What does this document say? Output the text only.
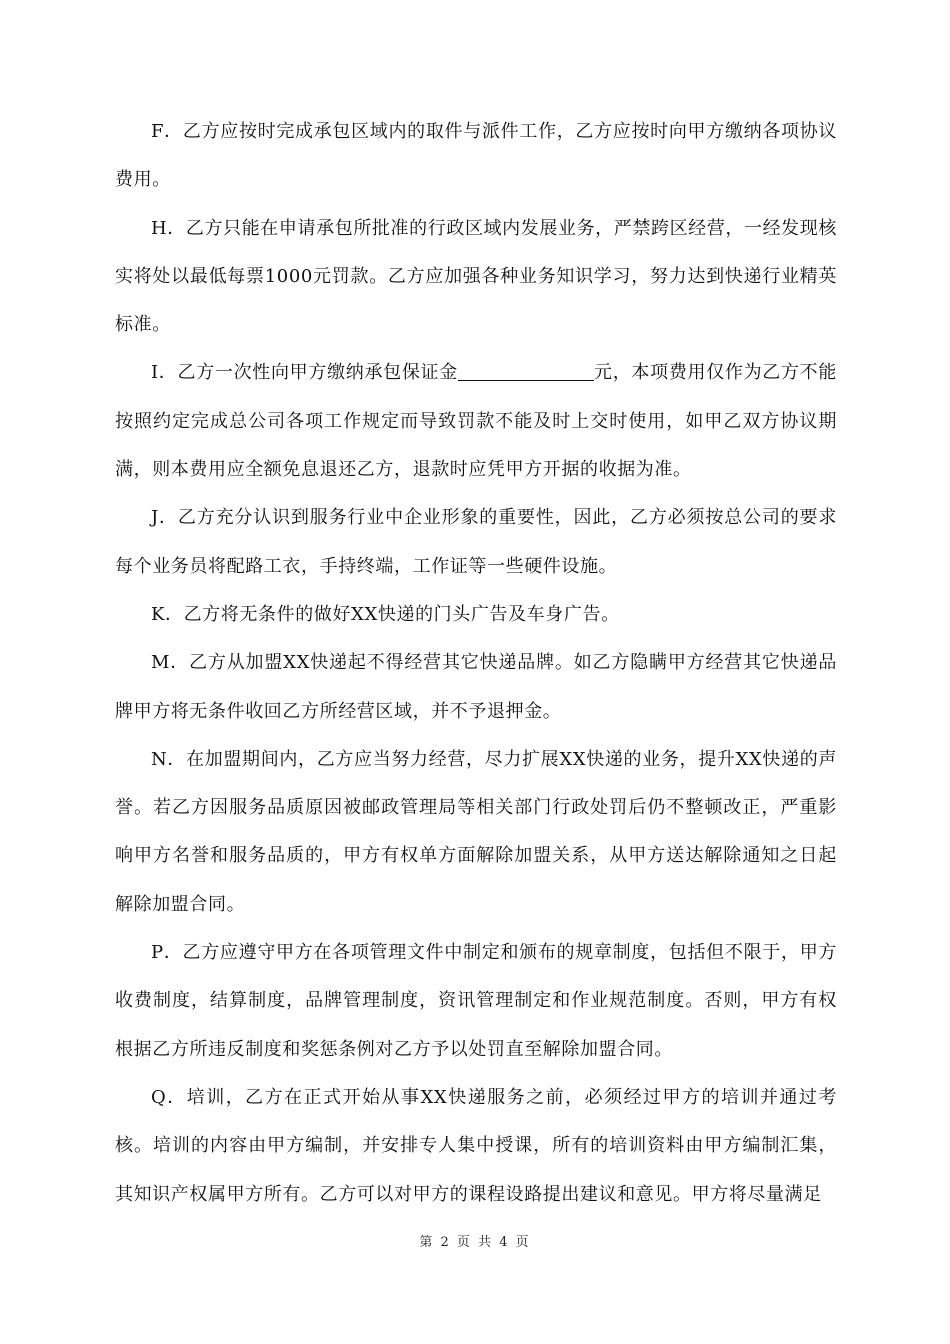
F．乙方应按时完成承包区域内的取件与派件工作，乙方应按时向甲方缴纳各项协议费用。

H．乙方只能在申请承包所批准的行政区域内发展业务，严禁跨区经营，一经发现核实将处以最低每票1000元罚款。乙方应加强各种业务知识学习，努力达到快递行业精英标准。

I．乙方一次性向甲方缴纳承包保证金	元，本项费用仅作为乙方不能按照约定完成总公司各项工作规定而导致罚款不能及时上交时使用，如甲乙双方协议期满，则本费用应全额免息退还乙方，退款时应凭甲方开据的收据为准。

J．乙方充分认识到服务行业中企业形象的重要性，因此，乙方必须按总公司的要求每个业务员将配路工衣，手持终端，工作证等一些硬件设施。

K．乙方将无条件的做好XX快递的门头广告及车身广告。

M．乙方从加盟XX快递起不得经营其它快递品牌。如乙方隐瞒甲方经营其它快递品牌甲方将无条件收回乙方所经营区域，并不予退押金。

N．在加盟期间内，乙方应当努力经营，尽力扩展XX快递的业务，提升XX快递的声誉。若乙方因服务品质原因被邮政管理局等相关部门行政处罚后仍不整顿改正，严重影响甲方名誉和服务品质的，甲方有权单方面解除加盟关系，从甲方送达解除通知之日起解除加盟合同。

P．乙方应遵守甲方在各项管理文件中制定和颁布的规章制度，包括但不限于，甲方收费制度，结算制度，品牌管理制度，资讯管理制定和作业规范制度。否则，甲方有权根据乙方所违反制度和奖惩条例对乙方予以处罚直至解除加盟合同。

Q．培训，乙方在正式开始从事XX快递服务之前，必须经过甲方的培训并通过考核。培训的内容由甲方编制，并安排专人集中授课，所有的培训资料由甲方编制汇集，其知识产权属甲方所有。乙方可以对甲方的课程设路提出建议和意见。甲方将尽量满足

第 2 页 共 4 页
